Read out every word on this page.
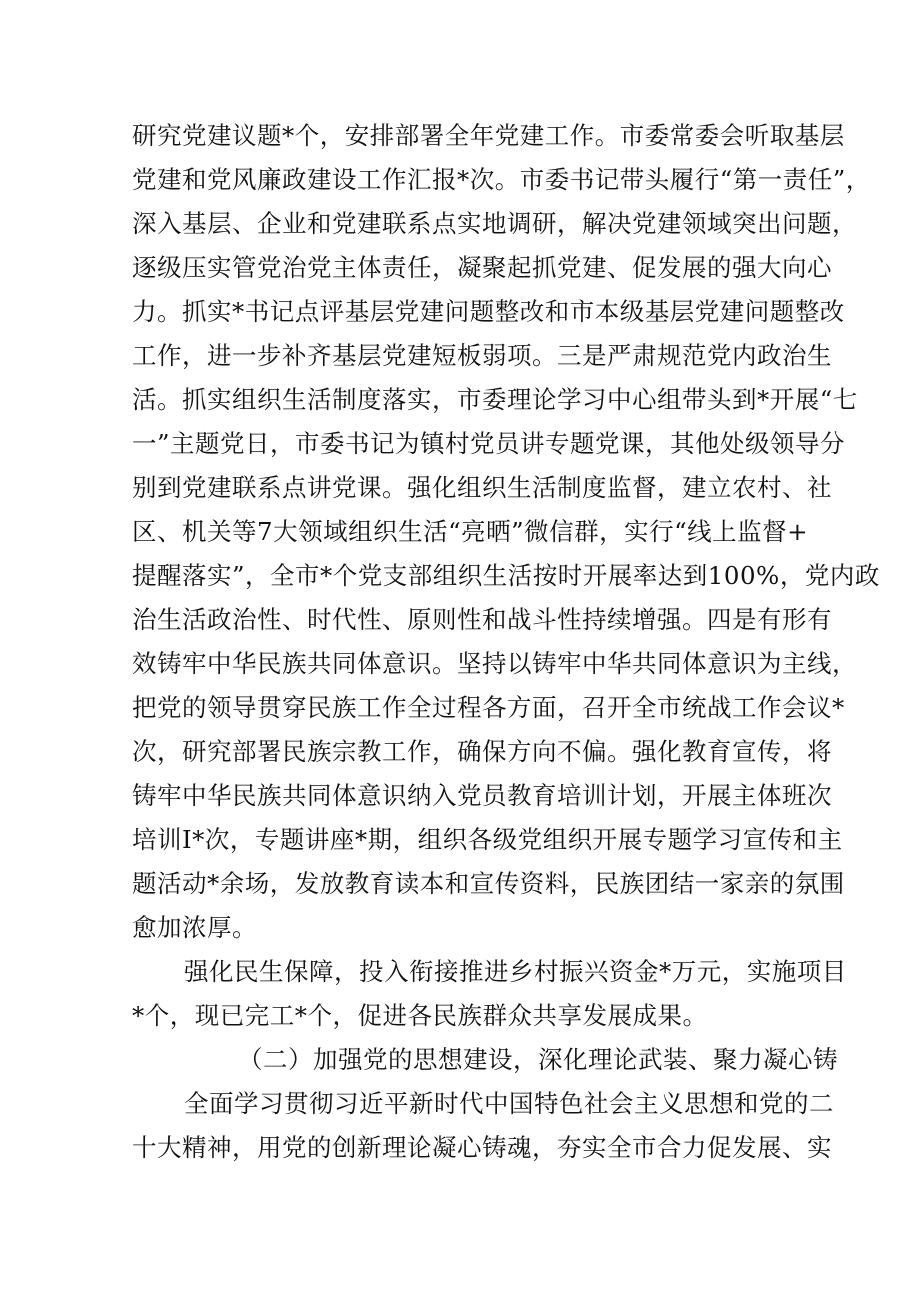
研究党建议题*个，安排部署全年党建工作。市委常委会听取基层
党建和党风廉政建设工作汇报*次。市委书记带头履行“第一责任”，
深入基层、企业和党建联系点实地调研，解决党建领域突出问题，
逐级压实管党治党主体责任，凝聚起抓党建、促发展的强大向心
力。抓实*书记点评基层党建问题整改和市本级基层党建问题整改
工作，进一步补齐基层党建短板弱项。三是严肃规范党内政治生
活。抓实组织生活制度落实，市委理论学习中心组带头到*开展“七
一”主题党日，市委书记为镇村党员讲专题党课，其他处级领导分
别到党建联系点讲党课。强化组织生活制度监督，建立农村、社
区、机关等7大领域组织生活“亮晒”微信群，实行“线上监督+
提醒落实”，全市*个党支部组织生活按时开展率达到100%，党内政
治生活政治性、时代性、原则性和战斗性持续增强。四是有形有
效铸牢中华民族共同体意识。坚持以铸牢中华共同体意识为主线，
把党的领导贯穿民族工作全过程各方面，召开全市统战工作会议*
次，研究部署民族宗教工作，确保方向不偏。强化教育宣传，将
铸牢中华民族共同体意识纳入党员教育培训计划，开展主体班次
培训I*次，专题讲座*期，组织各级党组织开展专题学习宣传和主
题活动*余场，发放教育读本和宣传资料，民族团结一家亲的氛围
愈加浓厚。
强化民生保障，投入衔接推进乡村振兴资金*万元，实施项目
*个，现已完工*个，促进各民族群众共享发展成果。
（二）加强党的思想建设，深化理论武装、聚力凝心铸
全面学习贯彻习近平新时代中国特色社会主义思想和党的二
十大精神，用党的创新理论凝心铸魂，夯实全市合力促发展、实
